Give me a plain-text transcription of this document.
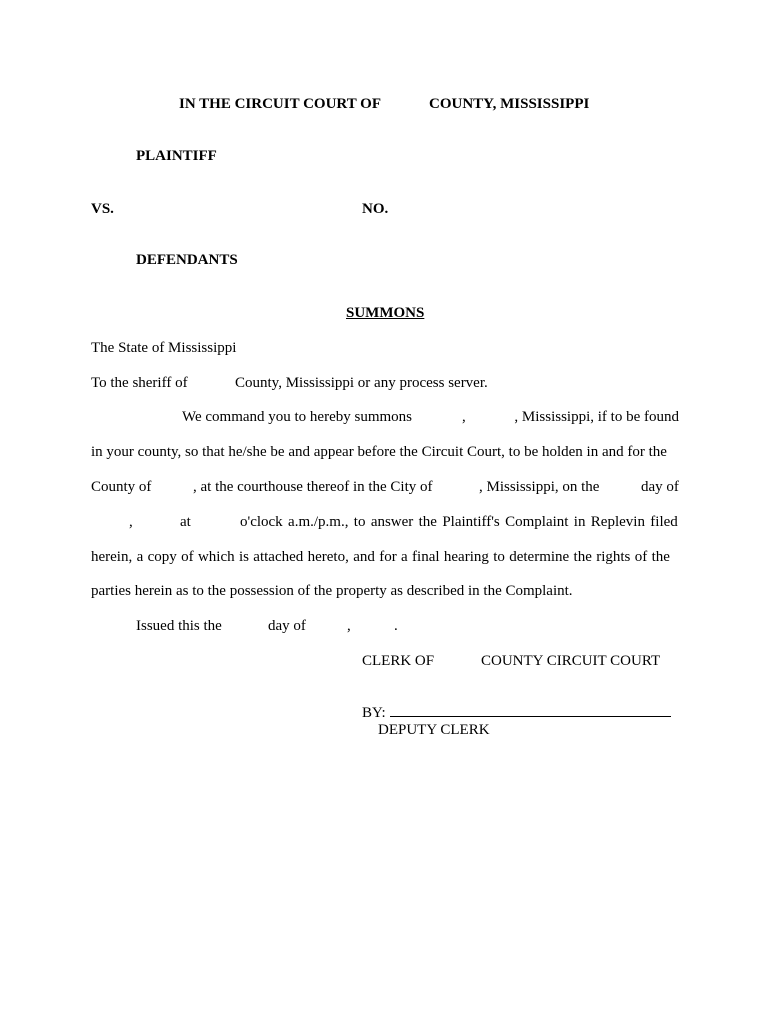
IN THE CIRCUIT COURT OF	COUNTY, MISSISSIPPI
PLAINTIFF
VS.	NO.
DEFENDANTS
SUMMONS
The State of Mississippi
To the sheriff of	County, Mississippi or any process server.
We command you to hereby summons	,	, Mississippi, if to be found
in your county, so that he/she be and appear before the Circuit Court, to be holden in and for the
County of	, at the courthouse thereof in the City of	, Mississippi, on the	day of
,	at	o'clock a.m./p.m., to answer the Plaintiff's Complaint in Replevin filed
herein, a copy of which is attached hereto, and for a final hearing to determine the rights of the
parties herein as to the possession of the property as described in the Complaint.
Issued this the	day of	,	.
CLERK OF	COUNTY CIRCUIT COURT
BY:
DEPUTY CLERK
